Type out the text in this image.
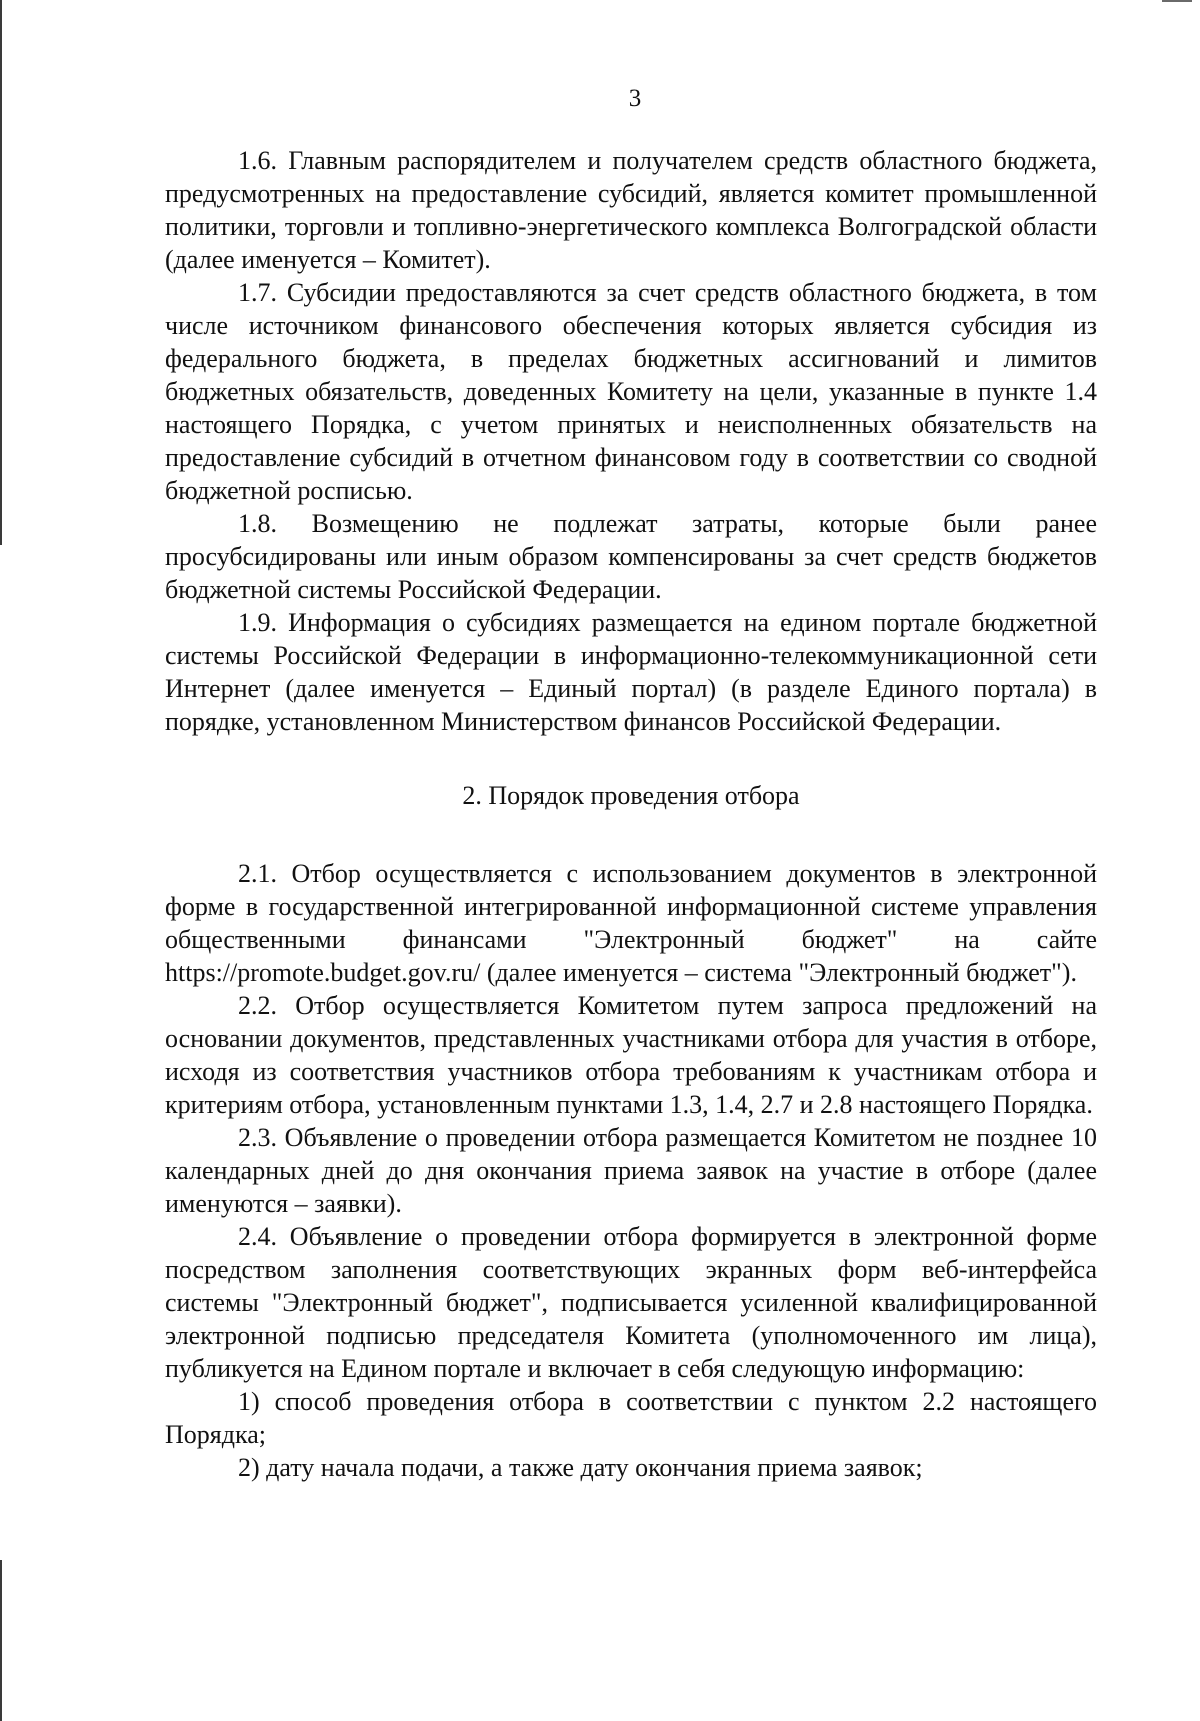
3

1.6. Главным распорядителем и получателем средств областного бюджета, предусмотренных на предоставление субсидий, является комитет промышленной политики, торговли и топливно-энергетического комплекса Волгоградской области (далее именуется – Комитет).

1.7. Субсидии предоставляются за счет средств областного бюджета, в том числе источником финансового обеспечения которых является субсидия из федерального бюджета, в пределах бюджетных ассигнований и лимитов бюджетных обязательств, доведенных Комитету на цели, указанные в пункте 1.4 настоящего Порядка, с учетом принятых и неисполненных обязательств на предоставление субсидий в отчетном финансовом году в соответствии со сводной бюджетной росписью.

1.8. Возмещению не подлежат затраты, которые были ранее просубсидированы или иным образом компенсированы за счет средств бюджетов бюджетной системы Российской Федерации.

1.9. Информация о субсидиях размещается на едином портале бюджетной системы Российской Федерации в информационно-телекоммуникационной сети Интернет (далее именуется – Единый портал) (в разделе Единого портала) в порядке, установленном Министерством финансов Российской Федерации.

2. Порядок проведения отбора

2.1. Отбор осуществляется с использованием документов в электронной форме в государственной интегрированной информационной системе управления общественными финансами "Электронный бюджет" на сайте https://promote.budget.gov.ru/ (далее именуется – система "Электронный бюджет").

2.2. Отбор осуществляется Комитетом путем запроса предложений на основании документов, представленных участниками отбора для участия в отборе, исходя из соответствия участников отбора требованиям к участникам отбора и критериям отбора, установленным пунктами 1.3, 1.4, 2.7 и 2.8 настоящего Порядка.

2.3. Объявление о проведении отбора размещается Комитетом не позднее 10 календарных дней до дня окончания приема заявок на участие в отборе (далее именуются – заявки).

2.4. Объявление о проведении отбора формируется в электронной форме посредством заполнения соответствующих экранных форм веб-интерфейса системы "Электронный бюджет", подписывается усиленной квалифицированной электронной подписью председателя Комитета (уполномоченного им лица), публикуется на Едином портале и включает в себя следующую информацию:

1) способ проведения отбора в соответствии с пунктом 2.2 настоящего Порядка;

2) дату начала подачи, а также дату окончания приема заявок;
